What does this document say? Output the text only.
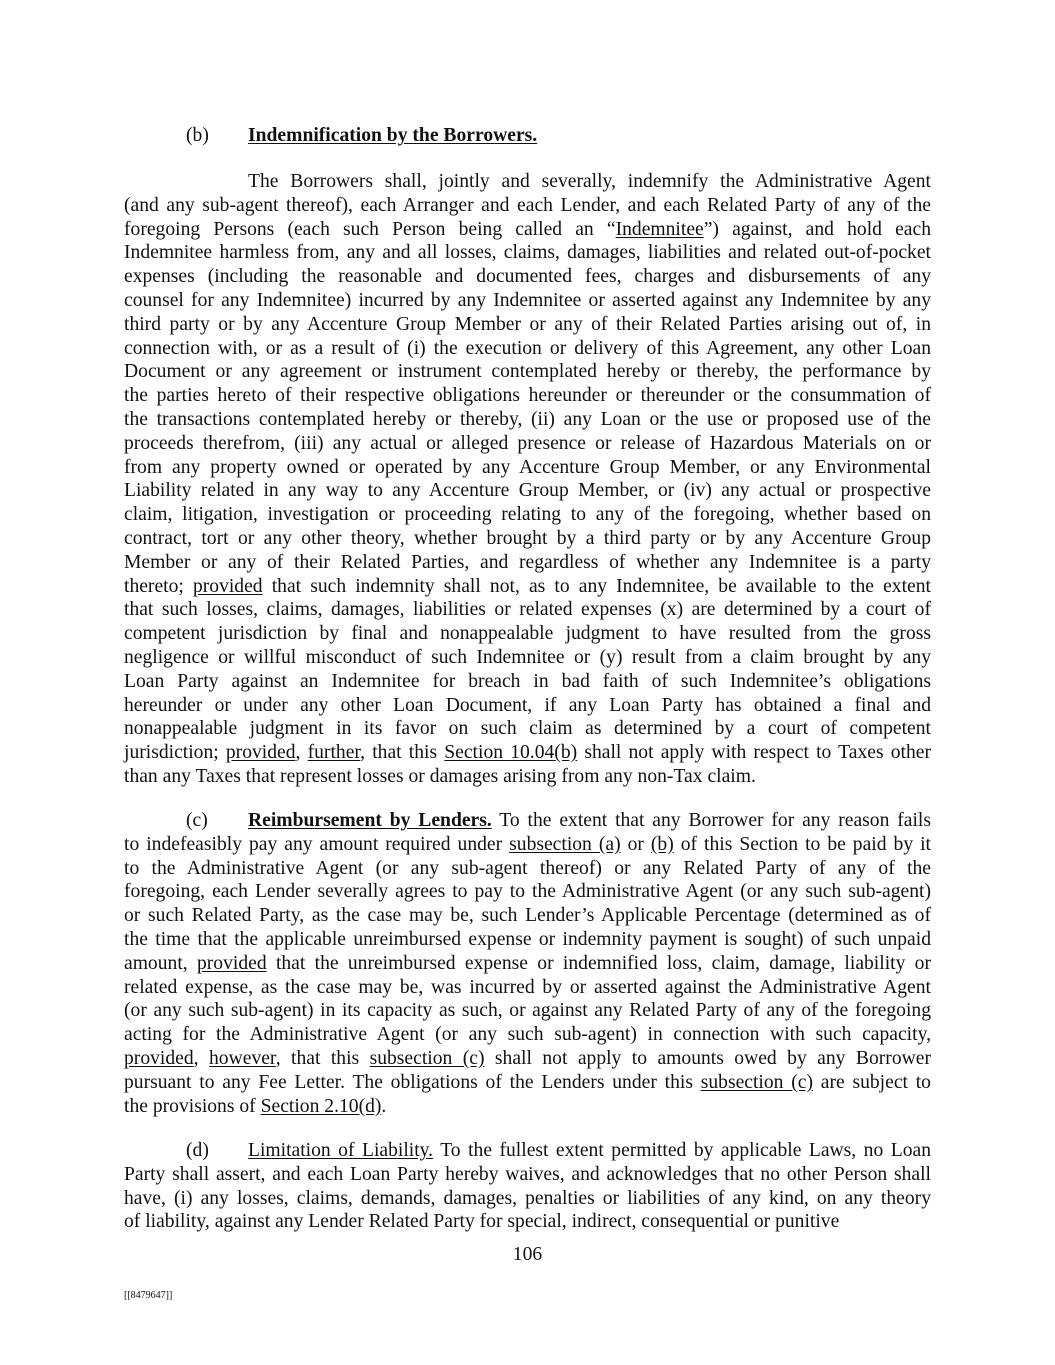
(b) Indemnification by the Borrowers.
The Borrowers shall, jointly and severally, indemnify the Administrative Agent
(and any sub-agent thereof), each Arranger and each Lender, and each Related Party of any of the
foregoing Persons (each such Person being called an “Indemnitee”) against, and hold each
Indemnitee harmless from, any and all losses, claims, damages, liabilities and related out-of-pocket
expenses (including the reasonable and documented fees, charges and disbursements of any
counsel for any Indemnitee) incurred by any Indemnitee or asserted against any Indemnitee by any
third party or by any Accenture Group Member or any of their Related Parties arising out of, in
connection with, or as a result of (i) the execution or delivery of this Agreement, any other Loan
Document or any agreement or instrument contemplated hereby or thereby, the performance by
the parties hereto of their respective obligations hereunder or thereunder or the consummation of
the transactions contemplated hereby or thereby, (ii) any Loan or the use or proposed use of the
proceeds therefrom, (iii) any actual or alleged presence or release of Hazardous Materials on or
from any property owned or operated by any Accenture Group Member, or any Environmental
Liability related in any way to any Accenture Group Member, or (iv) any actual or prospective
claim, litigation, investigation or proceeding relating to any of the foregoing, whether based on
contract, tort or any other theory, whether brought by a third party or by any Accenture Group
Member or any of their Related Parties, and regardless of whether any Indemnitee is a party
thereto; provided that such indemnity shall not, as to any Indemnitee, be available to the extent
that such losses, claims, damages, liabilities or related expenses (x) are determined by a court of
competent jurisdiction by final and nonappealable judgment to have resulted from the gross
negligence or willful misconduct of such Indemnitee or (y) result from a claim brought by any
Loan Party against an Indemnitee for breach in bad faith of such Indemnitee’s obligations
hereunder or under any other Loan Document, if any Loan Party has obtained a final and
nonappealable judgment in its favor on such claim as determined by a court of competent
jurisdiction; provided, further, that this Section 10.04(b) shall not apply with respect to Taxes other
than any Taxes that represent losses or damages arising from any non-Tax claim.
(c) Reimbursement by Lenders. To the extent that any Borrower for any reason fails
to indefeasibly pay any amount required under subsection (a) or (b) of this Section to be paid by it
to the Administrative Agent (or any sub-agent thereof) or any Related Party of any of the
foregoing, each Lender severally agrees to pay to the Administrative Agent (or any such sub-agent)
or such Related Party, as the case may be, such Lender’s Applicable Percentage (determined as of
the time that the applicable unreimbursed expense or indemnity payment is sought) of such unpaid
amount, provided that the unreimbursed expense or indemnified loss, claim, damage, liability or
related expense, as the case may be, was incurred by or asserted against the Administrative Agent
(or any such sub-agent) in its capacity as such, or against any Related Party of any of the foregoing
acting for the Administrative Agent (or any such sub-agent) in connection with such capacity,
provided, however, that this subsection (c) shall not apply to amounts owed by any Borrower
pursuant to any Fee Letter. The obligations of the Lenders under this subsection (c) are subject to
the provisions of Section 2.10(d).
(d) Limitation of Liability. To the fullest extent permitted by applicable Laws, no Loan
Party shall assert, and each Loan Party hereby waives, and acknowledges that no other Person shall
have, (i) any losses, claims, demands, damages, penalties or liabilities of any kind, on any theory
of liability, against any Lender Related Party for special, indirect, consequential or punitive
106
[[8479647]]
